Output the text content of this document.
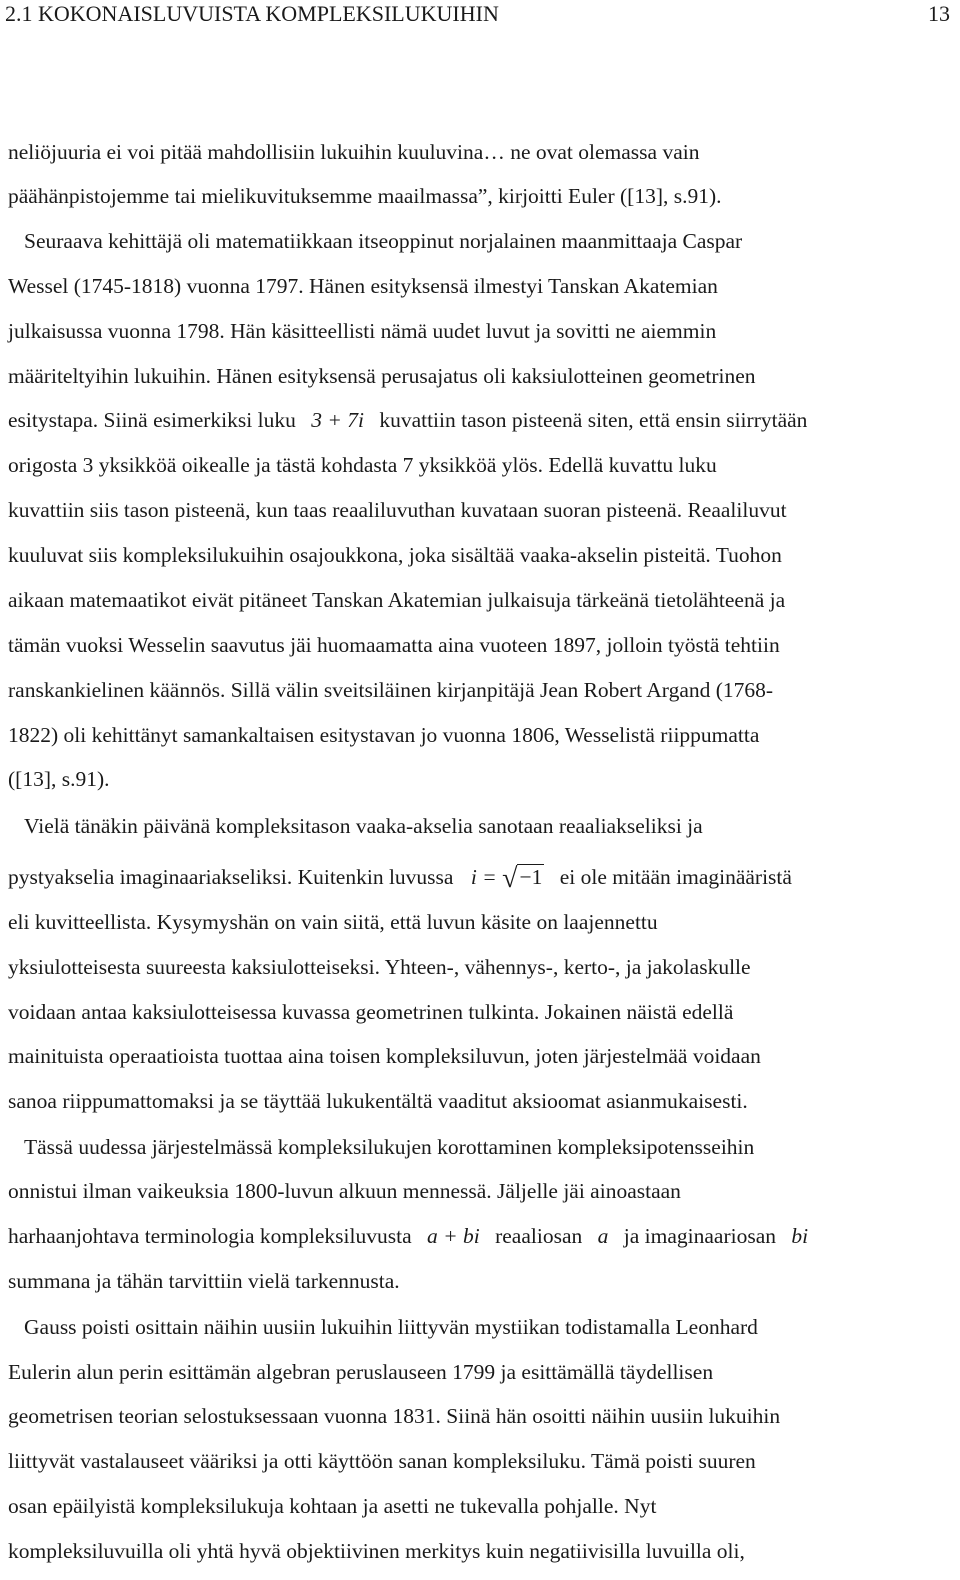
2.1 KOKONAISLUVUISTA KOMPLEKSILUKUIHIN	13
neliöjuuria ei voi pitää mahdollisiin lukuihin kuuluvina… ne ovat olemassa vain
päähänpistojemme tai mielikuvituksemme maailmassa”, kirjoitti Euler ([13], s.91).
Seuraava kehittäjä oli matematiikkaan itseoppinut norjalainen maanmittaaja Caspar
Wessel (1745-1818) vuonna 1797. Hänen esityksensä ilmestyi Tanskan Akatemian
julkaisussa vuonna 1798. Hän käsitteellisti nämä uudet luvut ja sovitti ne aiemmin
määriteltyihin lukuihin. Hänen esityksensä perusajatus oli kaksiulotteinen geometrinen
esitystapa. Siinä esimerkiksi luku 3 + 7i kuvattiin tason pisteenä siten, että ensin siirrytään
origosta 3 yksikköä oikealle ja tästä kohdasta 7 yksikköä ylös. Edellä kuvattu luku
kuvattiin siis tason pisteenä, kun taas reaaliluvuthan kuvataan suoran pisteenä. Reaaliluvut
kuuluvat siis kompleksilukuihin osajoukkona, joka sisältää vaaka-akselin pisteitä. Tuohon
aikaan matemaatikot eivät pitäneet Tanskan Akatemian julkaisuja tärkeänä tietolähteenä ja
tämän vuoksi Wesselin saavutus jäi huomaamatta aina vuoteen 1897, jolloin työstä tehtiin
ranskankielinen käännös. Sillä välin sveitsiläinen kirjanpitäjä Jean Robert Argand (1768-
1822) oli kehittänyt samankaltaisen esitystavan jo vuonna 1806, Wesselistä riippumatta
([13], s.91).
Vielä tänäkin päivänä kompleksitason vaaka-akselia sanotaan reaaliakseliksi ja
pystyakselia imaginaariakseliksi. Kuitenkin luvussa i = √−1 ei ole mitään imaginääristä
eli kuvitteellista. Kysymyshän on vain siitä, että luvun käsite on laajennettu
yksiulotteisesta suureesta kaksiulotteiseksi. Yhteen-, vähennys-, kerto-, ja jakolaskulle
voidaan antaa kaksiulotteisessa kuvassa geometrinen tulkinta. Jokainen näistä edellä
mainituista operaatioista tuottaa aina toisen kompleksiluvun, joten järjestelmää voidaan
sanoa riippumattomaksi ja se täyttää lukukentältä vaaditut aksioomat asianmukaisesti.
Tässä uudessa järjestelmässä kompleksilukujen korottaminen kompleksipotensseihin
onnistui ilman vaikeuksia 1800-luvun alkuun mennessä. Jäljelle jäi ainoastaan
harhaanjohtava terminologia kompleksiluvusta a + bi reaaliosan a ja imaginaariosan bi
summana ja tähän tarvittiin vielä tarkennusta.
Gauss poisti osittain näihin uusiin lukuihin liittyvän mystiikan todistamalla Leonhard
Eulerin alun perin esittämän algebran peruslauseen 1799 ja esittämällä täydellisen
geometrisen teorian selostuksessaan vuonna 1831. Siinä hän osoitti näihin uusiin lukuihin
liittyvät vastalauseet vääriksi ja otti käyttöön sanan kompleksiluku. Tämä poisti suuren
osan epäilyistä kompleksilukuja kohtaan ja asetti ne tukevalla pohjalle. Nyt
kompleksiluvuilla oli yhtä hyvä objektiivinen merkitys kuin negatiivisilla luvuilla oli,
